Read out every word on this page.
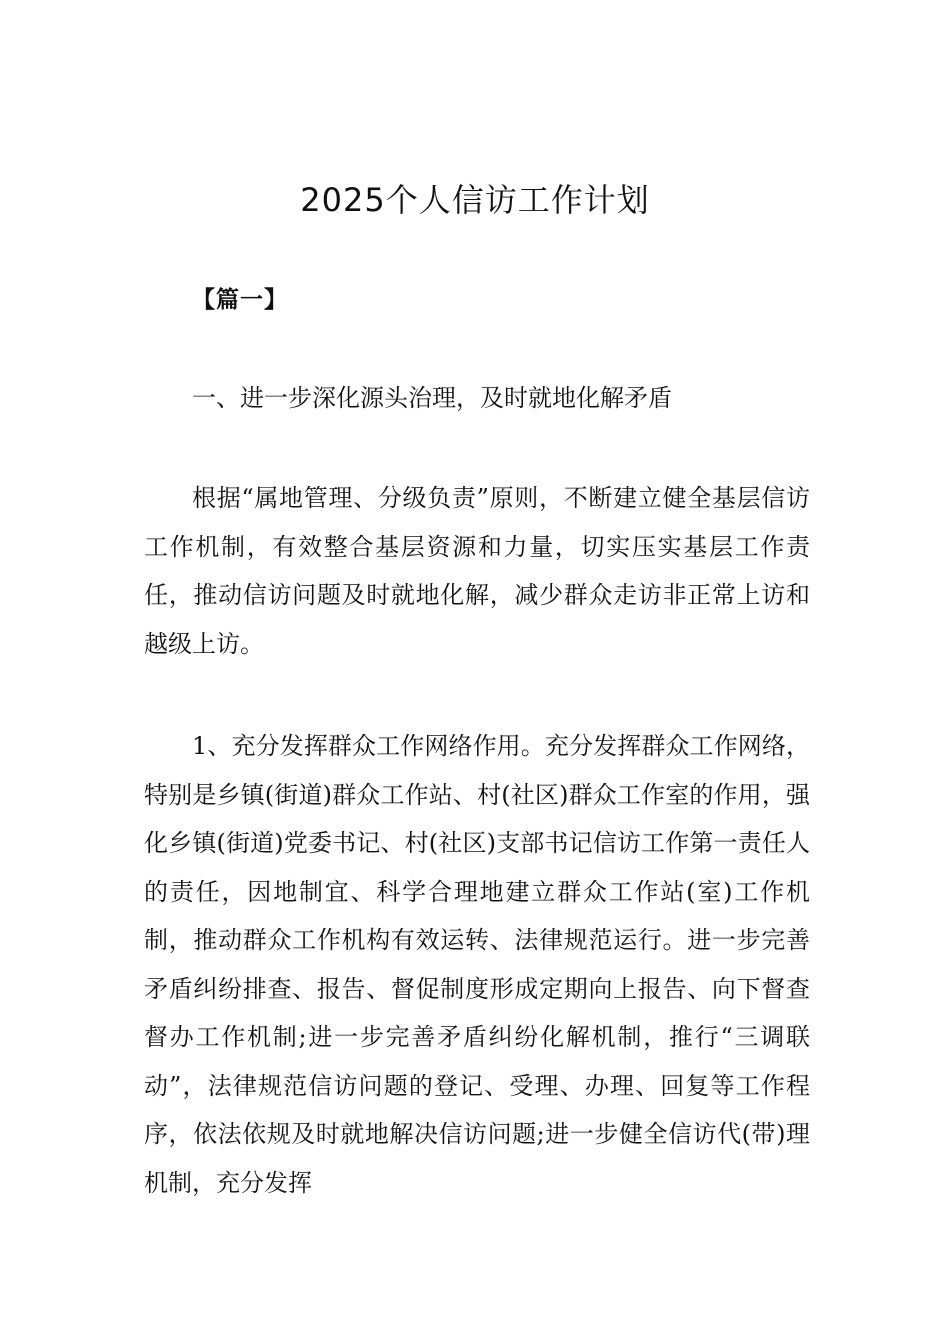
2025个人信访工作计划

【篇一】

一、进一步深化源头治理，及时就地化解矛盾

根据“属地管理、分级负责”原则，不断建立健全基层信访工作机制，有效整合基层资源和力量，切实压实基层工作责任，推动信访问题及时就地化解，减少群众走访非正常上访和越级上访。

1、充分发挥群众工作网络作用。充分发挥群众工作网络，特别是乡镇(街道)群众工作站、村(社区)群众工作室的作用，强化乡镇(街道)党委书记、村(社区)支部书记信访工作第一责任人的责任，因地制宜、科学合理地建立群众工作站(室)工作机制，推动群众工作机构有效运转、法律规范运行。进一步完善矛盾纠纷排查、报告、督促制度形成定期向上报告、向下督查督办工作机制;进一步完善矛盾纠纷化解机制，推行“三调联动”，法律规范信访问题的登记、受理、办理、回复等工作程序，依法依规及时就地解决信访问题;进一步健全信访代(带)理机制，充分发挥
